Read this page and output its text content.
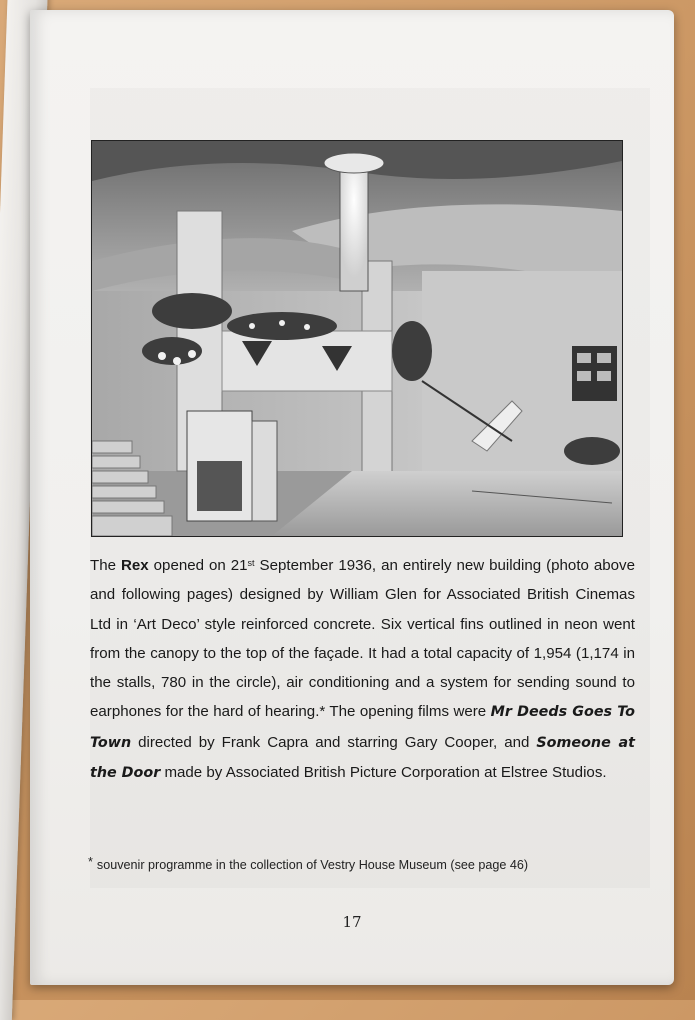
The Rex opened on 21st September 1936, an entirely new building (photo above and following pages) designed by William Glen for Associated British Cinemas Ltd in ‘Art Deco’ style reinforced concrete. Six vertical fins outlined in neon went from the canopy to the top of the façade. It had a total capacity of 1,954 (1,174 in the stalls, 780 in the circle), air conditioning and a system for sending sound to earphones for the hard of hearing.* The opening films were Mr Deeds Goes To Town directed by Frank Capra and starring Gary Cooper, and Someone at the Door made by Associated British Picture Corporation at Elstree Studios.

* souvenir programme in the collection of Vestry House Museum (see page 46)

17
